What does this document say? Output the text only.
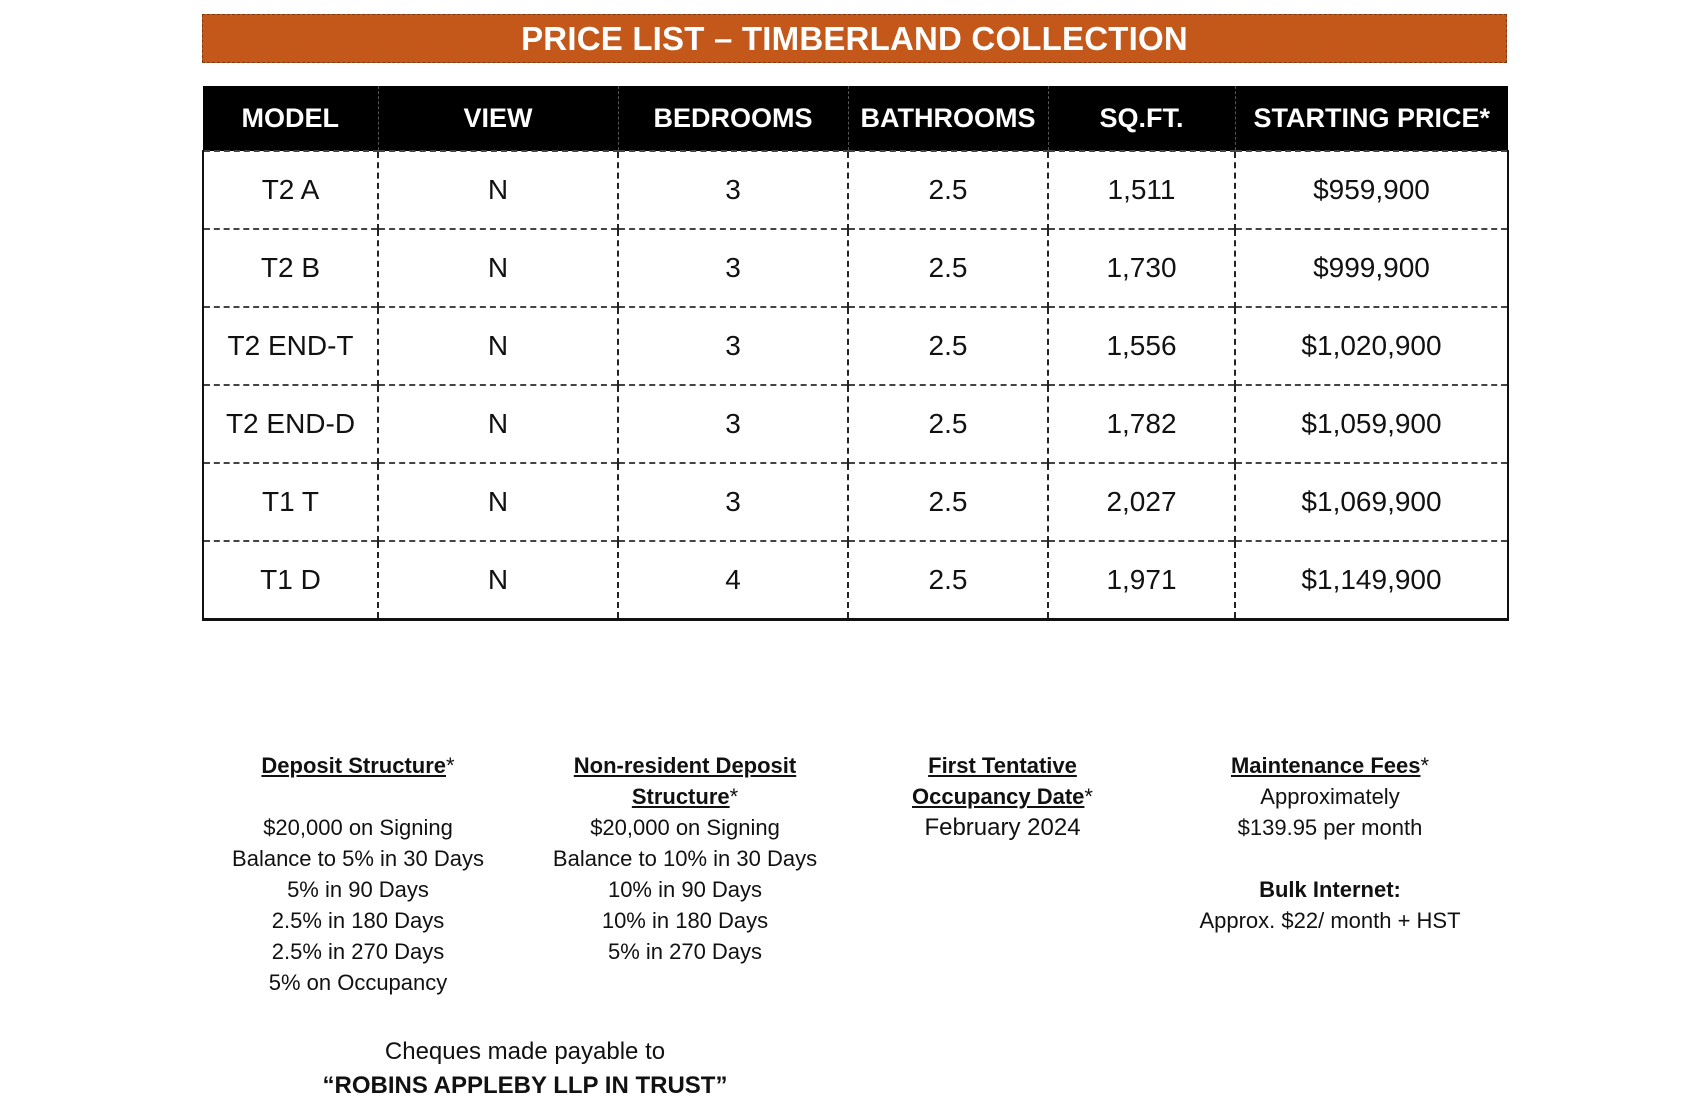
PRICE LIST – TIMBERLAND COLLECTION
MODEL	VIEW	BEDROOMS	BATHROOMS	SQ.FT.	STARTING PRICE*
T2 A	N	3	2.5	1,511	$959,900
T2 B	N	3	2.5	1,730	$999,900
T2 END-T	N	3	2.5	1,556	$1,020,900
T2 END-D	N	3	2.5	1,782	$1,059,900
T1 T	N	3	2.5	2,027	$1,069,900
T1 D	N	4	2.5	1,971	$1,149,900
Deposit Structure*
$20,000 on Signing
Balance to 5% in 30 Days
5% in 90 Days
2.5% in 180 Days
2.5% in 270 Days
5% on Occupancy
Non-resident Deposit
Structure*
$20,000 on Signing
Balance to 10% in 30 Days
10% in 90 Days
10% in 180 Days
5% in 270 Days
First Tentative
Occupancy Date*
February 2024
Maintenance Fees*
Approximately
$139.95 per month
Bulk Internet:
Approx. $22/ month + HST
Cheques made payable to
“ROBINS APPLEBY LLP IN TRUST”
